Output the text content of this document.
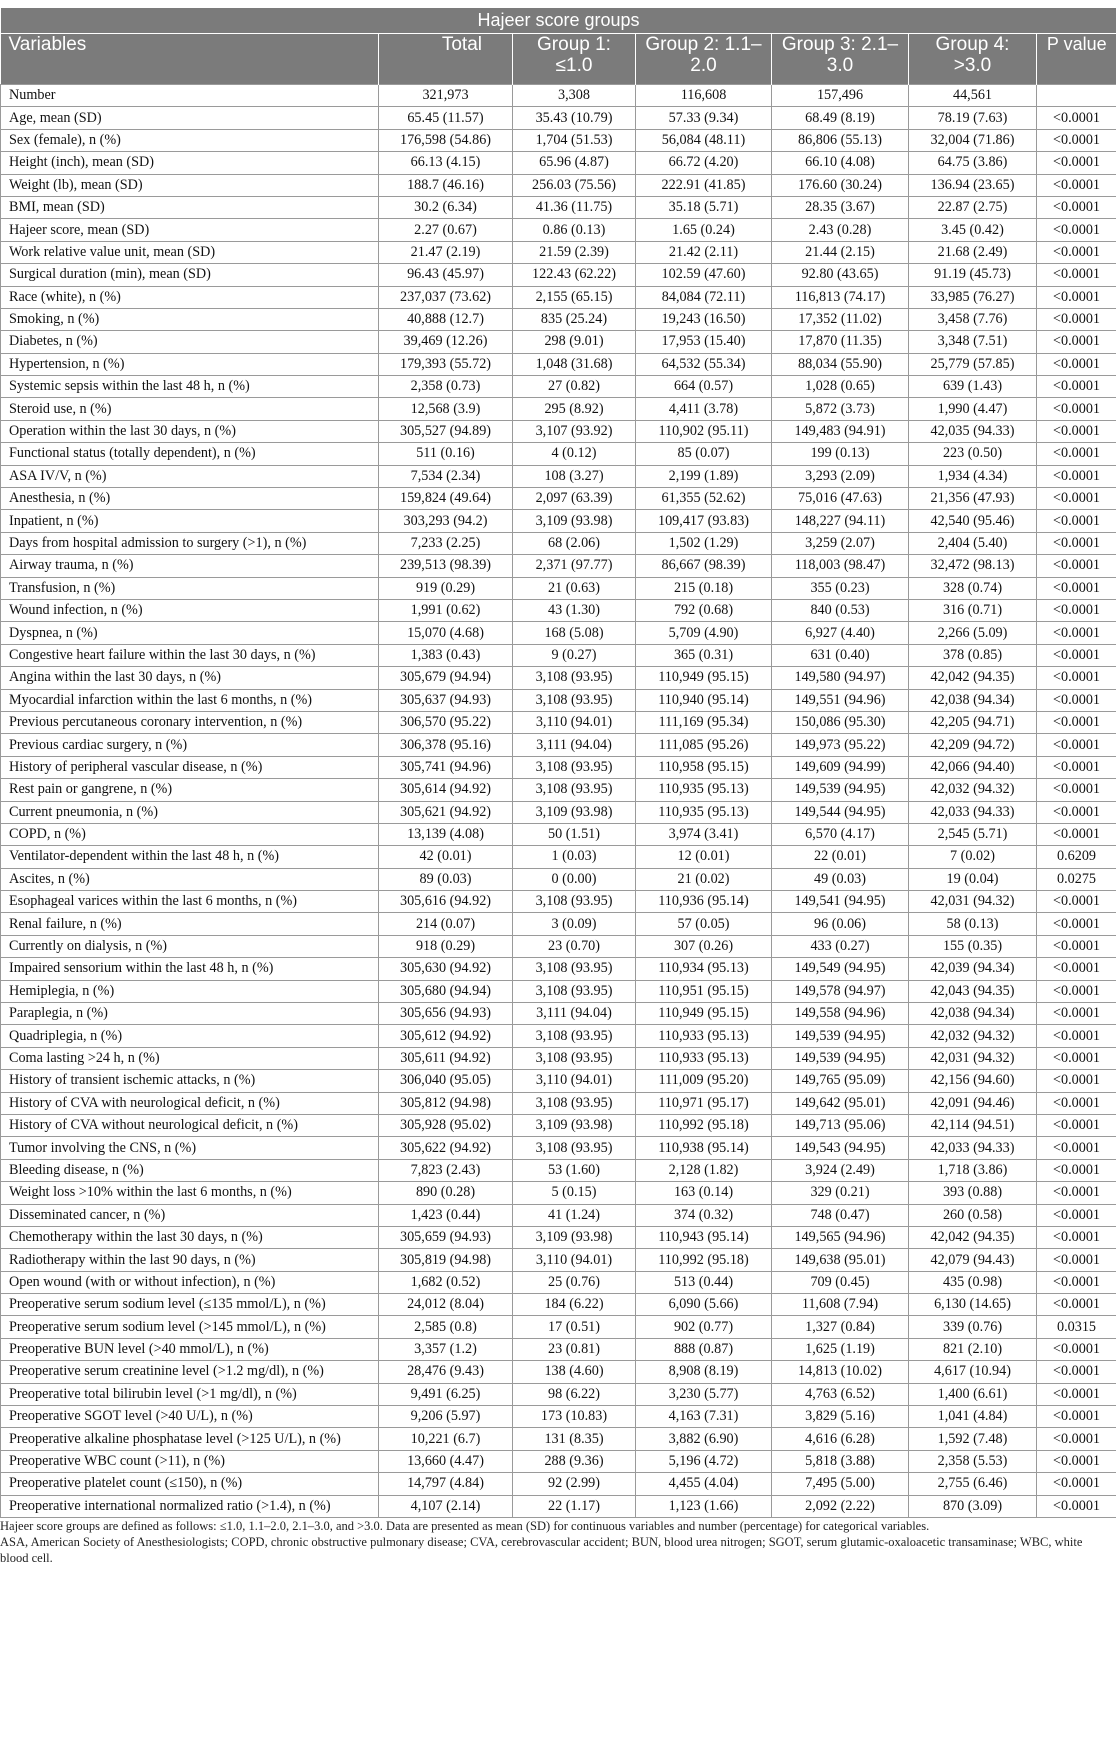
Hajeer score groups						
Variables	Total	Group 1: ≤1.0	Group 2: 1.1–2.0	Group 3: 2.1–3.0	Group 4: >3.0	P value
Number	321,973	3,308	116,608	157,496	44,561	
Age, mean (SD)	65.45 (11.57)	35.43 (10.79)	57.33 (9.34)	68.49 (8.19)	78.19 (7.63)	<0.0001
Sex (female), n (%)	176,598 (54.86)	1,704 (51.53)	56,084 (48.11)	86,806 (55.13)	32,004 (71.86)	<0.0001
Height (inch), mean (SD)	66.13 (4.15)	65.96 (4.87)	66.72 (4.20)	66.10 (4.08)	64.75 (3.86)	<0.0001
Weight (lb), mean (SD)	188.7 (46.16)	256.03 (75.56)	222.91 (41.85)	176.60 (30.24)	136.94 (23.65)	<0.0001
BMI, mean (SD)	30.2 (6.34)	41.36 (11.75)	35.18 (5.71)	28.35 (3.67)	22.87 (2.75)	<0.0001
Hajeer score, mean (SD)	2.27 (0.67)	0.86 (0.13)	1.65 (0.24)	2.43 (0.28)	3.45 (0.42)	<0.0001
Work relative value unit, mean (SD)	21.47 (2.19)	21.59 (2.39)	21.42 (2.11)	21.44 (2.15)	21.68 (2.49)	<0.0001
Surgical duration (min), mean (SD)	96.43 (45.97)	122.43 (62.22)	102.59 (47.60)	92.80 (43.65)	91.19 (45.73)	<0.0001
Race (white), n (%)	237,037 (73.62)	2,155 (65.15)	84,084 (72.11)	116,813 (74.17)	33,985 (76.27)	<0.0001
Smoking, n (%)	40,888 (12.7)	835 (25.24)	19,243 (16.50)	17,352 (11.02)	3,458 (7.76)	<0.0001
Diabetes, n (%)	39,469 (12.26)	298 (9.01)	17,953 (15.40)	17,870 (11.35)	3,348 (7.51)	<0.0001
Hypertension, n (%)	179,393 (55.72)	1,048 (31.68)	64,532 (55.34)	88,034 (55.90)	25,779 (57.85)	<0.0001
Systemic sepsis within the last 48 h, n (%)	2,358 (0.73)	27 (0.82)	664 (0.57)	1,028 (0.65)	639 (1.43)	<0.0001
Steroid use, n (%)	12,568 (3.9)	295 (8.92)	4,411 (3.78)	5,872 (3.73)	1,990 (4.47)	<0.0001
Operation within the last 30 days, n (%)	305,527 (94.89)	3,107 (93.92)	110,902 (95.11)	149,483 (94.91)	42,035 (94.33)	<0.0001
Functional status (totally dependent), n (%)	511 (0.16)	4 (0.12)	85 (0.07)	199 (0.13)	223 (0.50)	<0.0001
ASA IV/V, n (%)	7,534 (2.34)	108 (3.27)	2,199 (1.89)	3,293 (2.09)	1,934 (4.34)	<0.0001
Anesthesia, n (%)	159,824 (49.64)	2,097 (63.39)	61,355 (52.62)	75,016 (47.63)	21,356 (47.93)	<0.0001
Inpatient, n (%)	303,293 (94.2)	3,109 (93.98)	109,417 (93.83)	148,227 (94.11)	42,540 (95.46)	<0.0001
Days from hospital admission to surgery (>1), n (%)	7,233 (2.25)	68 (2.06)	1,502 (1.29)	3,259 (2.07)	2,404 (5.40)	<0.0001
Airway trauma, n (%)	239,513 (98.39)	2,371 (97.77)	86,667 (98.39)	118,003 (98.47)	32,472 (98.13)	<0.0001
Transfusion, n (%)	919 (0.29)	21 (0.63)	215 (0.18)	355 (0.23)	328 (0.74)	<0.0001
Wound infection, n (%)	1,991 (0.62)	43 (1.30)	792 (0.68)	840 (0.53)	316 (0.71)	<0.0001
Dyspnea, n (%)	15,070 (4.68)	168 (5.08)	5,709 (4.90)	6,927 (4.40)	2,266 (5.09)	<0.0001
Congestive heart failure within the last 30 days, n (%)	1,383 (0.43)	9 (0.27)	365 (0.31)	631 (0.40)	378 (0.85)	<0.0001
Angina within the last 30 days, n (%)	305,679 (94.94)	3,108 (93.95)	110,949 (95.15)	149,580 (94.97)	42,042 (94.35)	<0.0001
Myocardial infarction within the last 6 months, n (%)	305,637 (94.93)	3,108 (93.95)	110,940 (95.14)	149,551 (94.96)	42,038 (94.34)	<0.0001
Previous percutaneous coronary intervention, n (%)	306,570 (95.22)	3,110 (94.01)	111,169 (95.34)	150,086 (95.30)	42,205 (94.71)	<0.0001
Previous cardiac surgery, n (%)	306,378 (95.16)	3,111 (94.04)	111,085 (95.26)	149,973 (95.22)	42,209 (94.72)	<0.0001
History of peripheral vascular disease, n (%)	305,741 (94.96)	3,108 (93.95)	110,958 (95.15)	149,609 (94.99)	42,066 (94.40)	<0.0001
Rest pain or gangrene, n (%)	305,614 (94.92)	3,108 (93.95)	110,935 (95.13)	149,539 (94.95)	42,032 (94.32)	<0.0001
Current pneumonia, n (%)	305,621 (94.92)	3,109 (93.98)	110,935 (95.13)	149,544 (94.95)	42,033 (94.33)	<0.0001
COPD, n (%)	13,139 (4.08)	50 (1.51)	3,974 (3.41)	6,570 (4.17)	2,545 (5.71)	<0.0001
Ventilator-dependent within the last 48 h, n (%)	42 (0.01)	1 (0.03)	12 (0.01)	22 (0.01)	7 (0.02)	0.6209
Ascites, n (%)	89 (0.03)	0 (0.00)	21 (0.02)	49 (0.03)	19 (0.04)	0.0275
Esophageal varices within the last 6 months, n (%)	305,616 (94.92)	3,108 (93.95)	110,936 (95.14)	149,541 (94.95)	42,031 (94.32)	<0.0001
Renal failure, n (%)	214 (0.07)	3 (0.09)	57 (0.05)	96 (0.06)	58 (0.13)	<0.0001
Currently on dialysis, n (%)	918 (0.29)	23 (0.70)	307 (0.26)	433 (0.27)	155 (0.35)	<0.0001
Impaired sensorium within the last 48 h, n (%)	305,630 (94.92)	3,108 (93.95)	110,934 (95.13)	149,549 (94.95)	42,039 (94.34)	<0.0001
Hemiplegia, n (%)	305,680 (94.94)	3,108 (93.95)	110,951 (95.15)	149,578 (94.97)	42,043 (94.35)	<0.0001
Paraplegia, n (%)	305,656 (94.93)	3,111 (94.04)	110,949 (95.15)	149,558 (94.96)	42,038 (94.34)	<0.0001
Quadriplegia, n (%)	305,612 (94.92)	3,108 (93.95)	110,933 (95.13)	149,539 (94.95)	42,032 (94.32)	<0.0001
Coma lasting >24 h, n (%)	305,611 (94.92)	3,108 (93.95)	110,933 (95.13)	149,539 (94.95)	42,031 (94.32)	<0.0001
History of transient ischemic attacks, n (%)	306,040 (95.05)	3,110 (94.01)	111,009 (95.20)	149,765 (95.09)	42,156 (94.60)	<0.0001
History of CVA with neurological deficit, n (%)	305,812 (94.98)	3,108 (93.95)	110,971 (95.17)	149,642 (95.01)	42,091 (94.46)	<0.0001
History of CVA without neurological deficit, n (%)	305,928 (95.02)	3,109 (93.98)	110,992 (95.18)	149,713 (95.06)	42,114 (94.51)	<0.0001
Tumor involving the CNS, n (%)	305,622 (94.92)	3,108 (93.95)	110,938 (95.14)	149,543 (94.95)	42,033 (94.33)	<0.0001
Bleeding disease, n (%)	7,823 (2.43)	53 (1.60)	2,128 (1.82)	3,924 (2.49)	1,718 (3.86)	<0.0001
Weight loss >10% within the last 6 months, n (%)	890 (0.28)	5 (0.15)	163 (0.14)	329 (0.21)	393 (0.88)	<0.0001
Disseminated cancer, n (%)	1,423 (0.44)	41 (1.24)	374 (0.32)	748 (0.47)	260 (0.58)	<0.0001
Chemotherapy within the last 30 days, n (%)	305,659 (94.93)	3,109 (93.98)	110,943 (95.14)	149,565 (94.96)	42,042 (94.35)	<0.0001
Radiotherapy within the last 90 days, n (%)	305,819 (94.98)	3,110 (94.01)	110,992 (95.18)	149,638 (95.01)	42,079 (94.43)	<0.0001
Open wound (with or without infection), n (%)	1,682 (0.52)	25 (0.76)	513 (0.44)	709 (0.45)	435 (0.98)	<0.0001
Preoperative serum sodium level (≤135 mmol/L), n (%)	24,012 (8.04)	184 (6.22)	6,090 (5.66)	11,608 (7.94)	6,130 (14.65)	<0.0001
Preoperative serum sodium level (>145 mmol/L), n (%)	2,585 (0.8)	17 (0.51)	902 (0.77)	1,327 (0.84)	339 (0.76)	0.0315
Preoperative BUN level (>40 mmol/L), n (%)	3,357 (1.2)	23 (0.81)	888 (0.87)	1,625 (1.19)	821 (2.10)	<0.0001
Preoperative serum creatinine level (>1.2 mg/dl), n (%)	28,476 (9.43)	138 (4.60)	8,908 (8.19)	14,813 (10.02)	4,617 (10.94)	<0.0001
Preoperative total bilirubin level (>1 mg/dl), n (%)	9,491 (6.25)	98 (6.22)	3,230 (5.77)	4,763 (6.52)	1,400 (6.61)	<0.0001
Preoperative SGOT level (>40 U/L), n (%)	9,206 (5.97)	173 (10.83)	4,163 (7.31)	3,829 (5.16)	1,041 (4.84)	<0.0001
Preoperative alkaline phosphatase level (>125 U/L), n (%)	10,221 (6.7)	131 (8.35)	3,882 (6.90)	4,616 (6.28)	1,592 (7.48)	<0.0001
Preoperative WBC count (>11), n (%)	13,660 (4.47)	288 (9.36)	5,196 (4.72)	5,818 (3.88)	2,358 (5.53)	<0.0001
Preoperative platelet count (≤150), n (%)	14,797 (4.84)	92 (2.99)	4,455 (4.04)	7,495 (5.00)	2,755 (6.46)	<0.0001
Preoperative international normalized ratio (>1.4), n (%)	4,107 (2.14)	22 (1.17)	1,123 (1.66)	2,092 (2.22)	870 (3.09)	<0.0001

Hajeer score groups are defined as follows: ≤1.0, 1.1–2.0, 2.1–3.0, and >3.0. Data are presented as mean (SD) for continuous variables and number (percentage) for categorical variables.

ASA, American Society of Anesthesiologists; COPD, chronic obstructive pulmonary disease; CVA, cerebrovascular accident; BUN, blood urea nitrogen; SGOT, serum glutamic-oxaloacetic transaminase; WBC, white blood cell.
